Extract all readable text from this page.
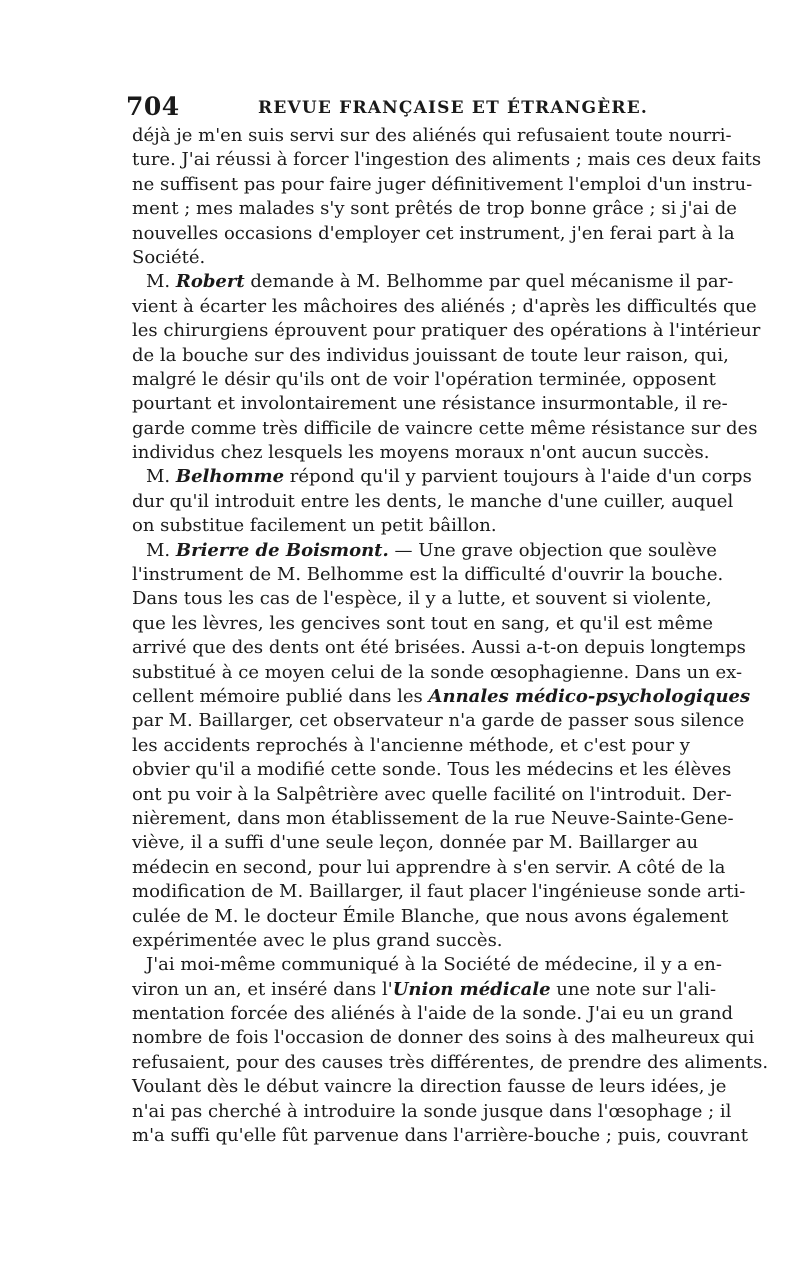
704	REVUE FRANÇAISE ET ÉTRANGÈRE.
déjà je m'en suis servi sur des aliénés qui refusaient toute nourri-
ture. J'ai réussi à forcer l'ingestion des aliments ; mais ces deux faits
ne suffisent pas pour faire juger définitivement l'emploi d'un instru-
ment ; mes malades s'y sont prêtés de trop bonne grâce ; si j'ai de
nouvelles occasions d'employer cet instrument, j'en ferai part à la
Société.
M. Robert demande à M. Belhomme par quel mécanisme il par-
vient à écarter les mâchoires des aliénés ; d'après les difficultés que
les chirurgiens éprouvent pour pratiquer des opérations à l'intérieur
de la bouche sur des individus jouissant de toute leur raison, qui,
malgré le désir qu'ils ont de voir l'opération terminée, opposent
pourtant et involontairement une résistance insurmontable, il re-
garde comme très difficile de vaincre cette même résistance sur des
individus chez lesquels les moyens moraux n'ont aucun succès.
M. Belhomme répond qu'il y parvient toujours à l'aide d'un corps
dur qu'il introduit entre les dents, le manche d'une cuiller, auquel
on substitue facilement un petit bâillon.
M. Brierre de Boismont. — Une grave objection que soulève
l'instrument de M. Belhomme est la difficulté d'ouvrir la bouche.
Dans tous les cas de l'espèce, il y a lutte, et souvent si violente,
que les lèvres, les gencives sont tout en sang, et qu'il est même
arrivé que des dents ont été brisées. Aussi a-t-on depuis longtemps
substitué à ce moyen celui de la sonde œsophagienne. Dans un ex-
cellent mémoire publié dans les Annales médico-psychologiques
par M. Baillarger, cet observateur n'a garde de passer sous silence
les accidents reprochés à l'ancienne méthode, et c'est pour y
obvier qu'il a modifié cette sonde. Tous les médecins et les élèves
ont pu voir à la Salpêtrière avec quelle facilité on l'introduit. Der-
nièrement, dans mon établissement de la rue Neuve-Sainte-Gene-
viève, il a suffi d'une seule leçon, donnée par M. Baillarger au
médecin en second, pour lui apprendre à s'en servir. A côté de la
modification de M. Baillarger, il faut placer l'ingénieuse sonde arti-
culée de M. le docteur Émile Blanche, que nous avons également
expérimentée avec le plus grand succès.
J'ai moi-même communiqué à la Société de médecine, il y a en-
viron un an, et inséré dans l'Union médicale une note sur l'ali-
mentation forcée des aliénés à l'aide de la sonde. J'ai eu un grand
nombre de fois l'occasion de donner des soins à des malheureux qui
refusaient, pour des causes très différentes, de prendre des aliments.
Voulant dès le début vaincre la direction fausse de leurs idées, je
n'ai pas cherché à introduire la sonde jusque dans l'œsophage ; il
m'a suffi qu'elle fût parvenue dans l'arrière-bouche ; puis, couvrant
